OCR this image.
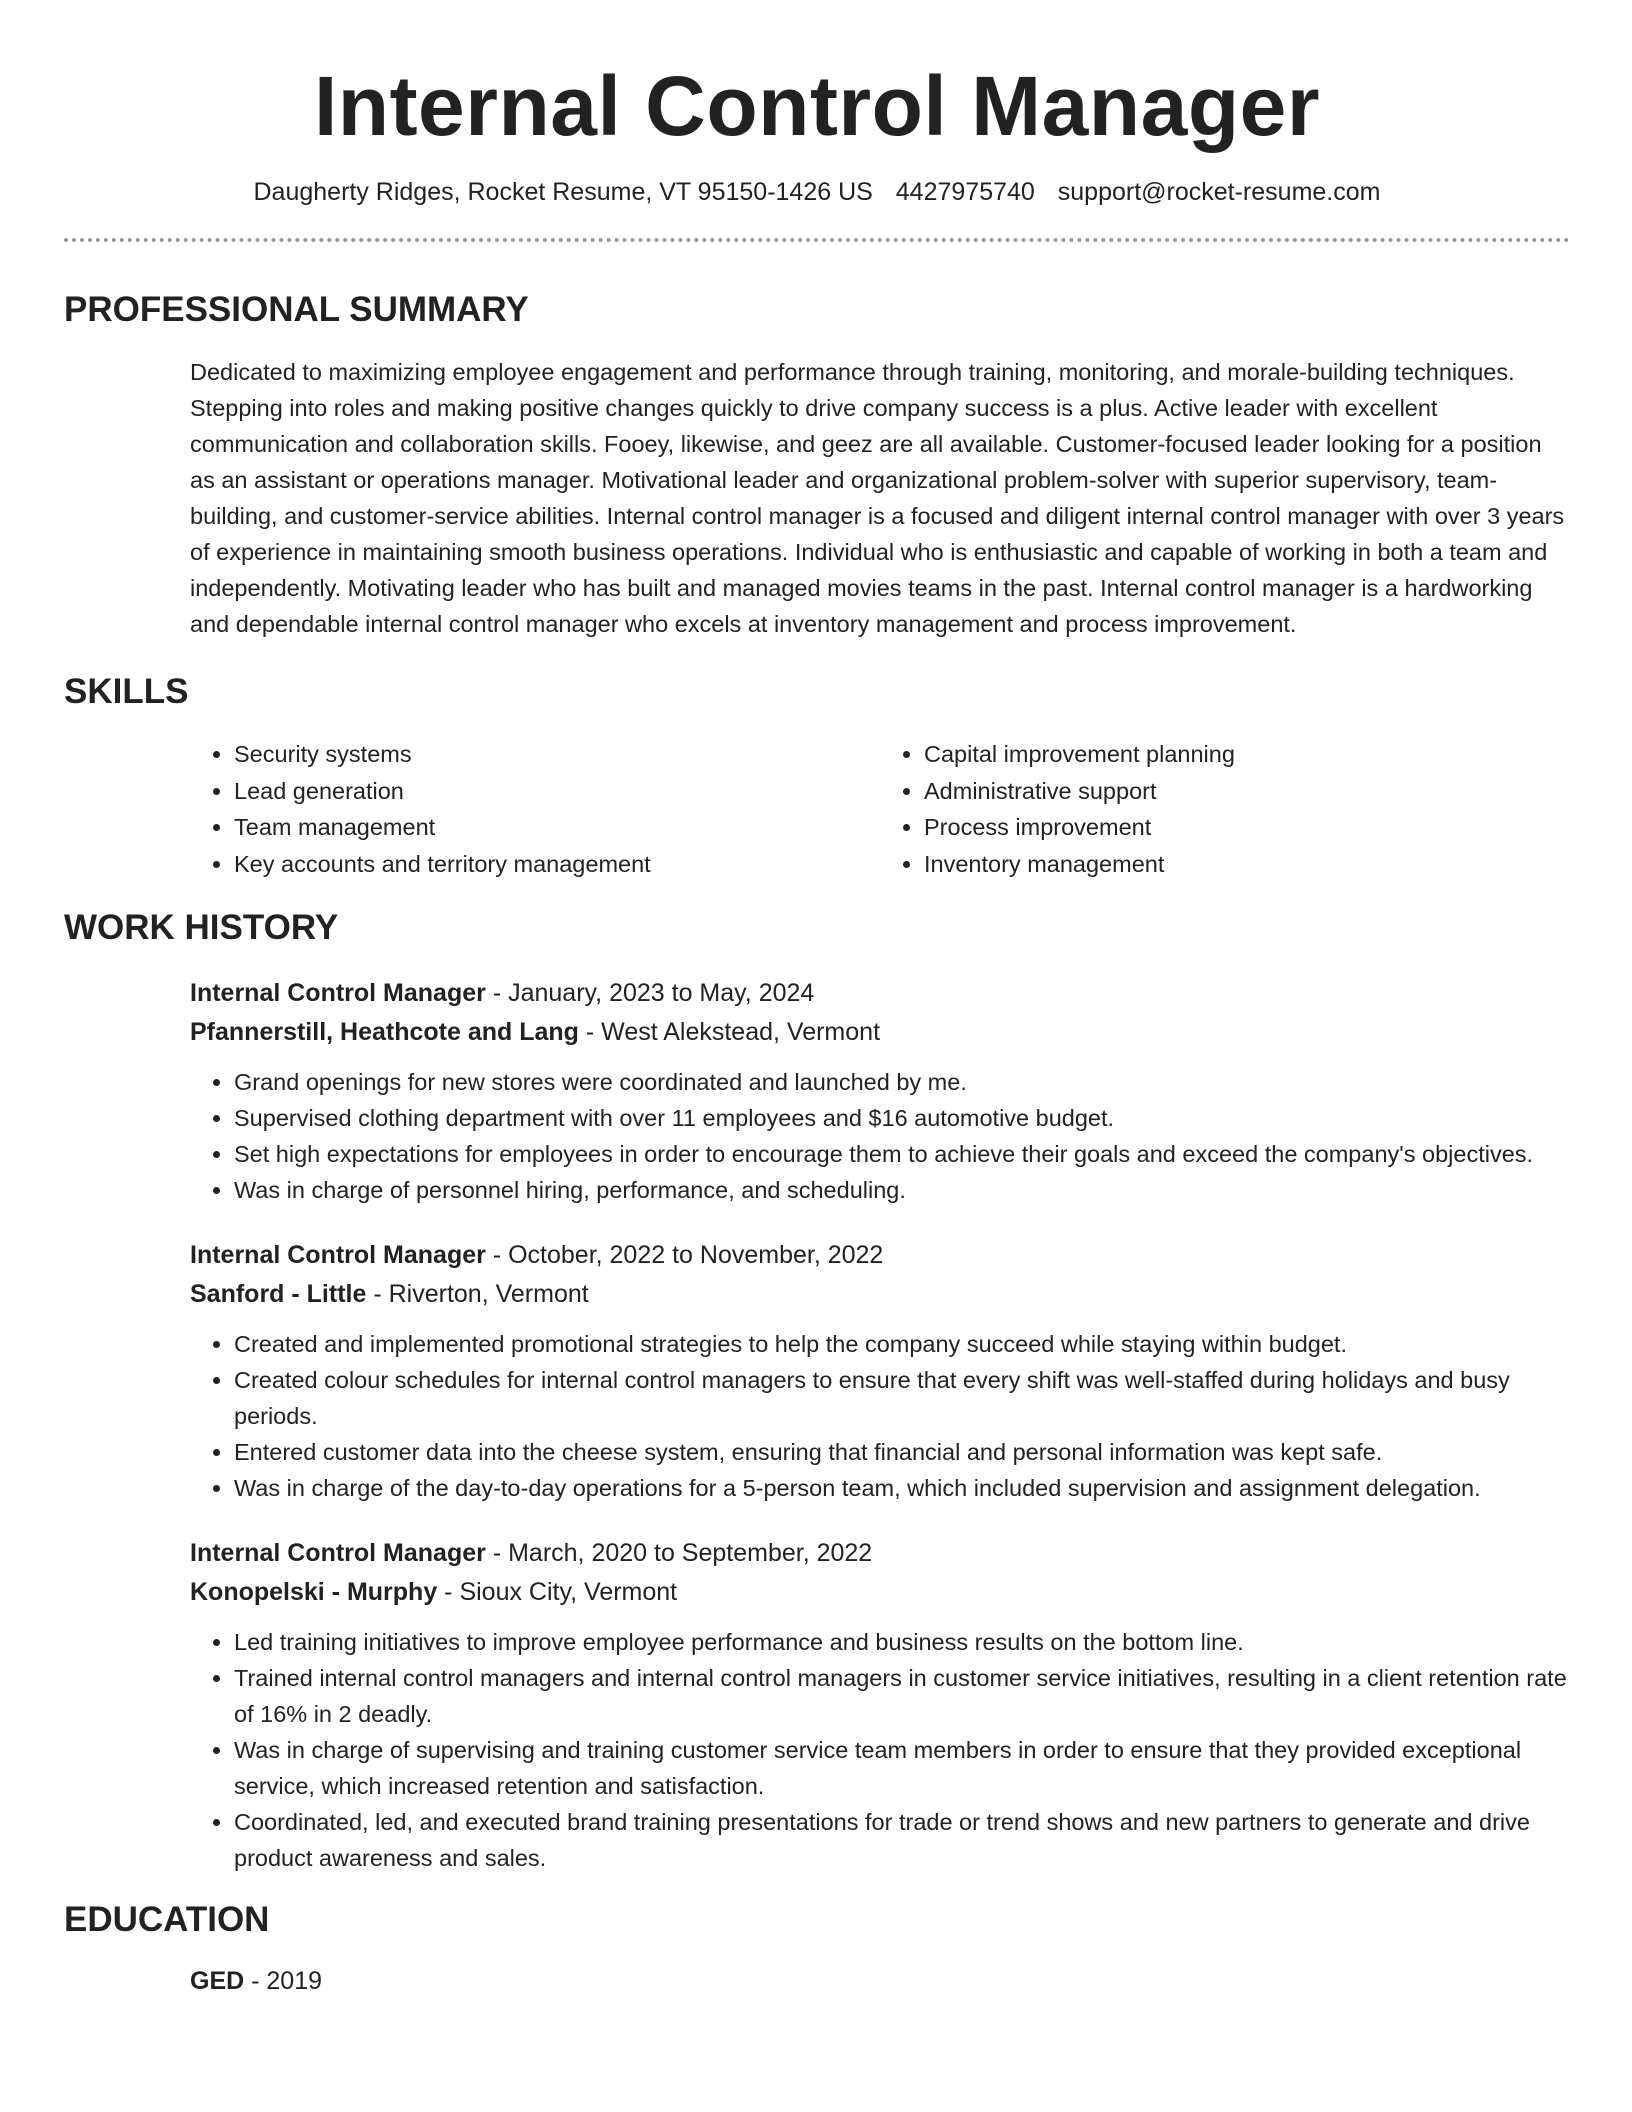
Internal Control Manager
Daugherty Ridges, Rocket Resume, VT 95150-1426 US 4427975740 support@rocket-resume.com
PROFESSIONAL SUMMARY
Dedicated to maximizing employee engagement and performance through training, monitoring, and morale-building techniques. Stepping into roles and making positive changes quickly to drive company success is a plus. Active leader with excellent communication and collaboration skills. Fooey, likewise, and geez are all available. Customer-focused leader looking for a position as an assistant or operations manager. Motivational leader and organizational problem-solver with superior supervisory, team-building, and customer-service abilities. Internal control manager is a focused and diligent internal control manager with over 3 years of experience in maintaining smooth business operations. Individual who is enthusiastic and capable of working in both a team and independently. Motivating leader who has built and managed movies teams in the past. Internal control manager is a hardworking and dependable internal control manager who excels at inventory management and process improvement.
SKILLS
• Security systems
• Lead generation
• Team management
• Key accounts and territory management
• Capital improvement planning
• Administrative support
• Process improvement
• Inventory management
WORK HISTORY
Internal Control Manager - January, 2023 to May, 2024
Pfannerstill, Heathcote and Lang - West Alekstead, Vermont
• Grand openings for new stores were coordinated and launched by me.
• Supervised clothing department with over 11 employees and $16 automotive budget.
• Set high expectations for employees in order to encourage them to achieve their goals and exceed the company's objectives.
• Was in charge of personnel hiring, performance, and scheduling.
Internal Control Manager - October, 2022 to November, 2022
Sanford - Little - Riverton, Vermont
• Created and implemented promotional strategies to help the company succeed while staying within budget.
• Created colour schedules for internal control managers to ensure that every shift was well-staffed during holidays and busy periods.
• Entered customer data into the cheese system, ensuring that financial and personal information was kept safe.
• Was in charge of the day-to-day operations for a 5-person team, which included supervision and assignment delegation.
Internal Control Manager - March, 2020 to September, 2022
Konopelski - Murphy - Sioux City, Vermont
• Led training initiatives to improve employee performance and business results on the bottom line.
• Trained internal control managers and internal control managers in customer service initiatives, resulting in a client retention rate of 16% in 2 deadly.
• Was in charge of supervising and training customer service team members in order to ensure that they provided exceptional service, which increased retention and satisfaction.
• Coordinated, led, and executed brand training presentations for trade or trend shows and new partners to generate and drive product awareness and sales.
EDUCATION
GED - 2019
